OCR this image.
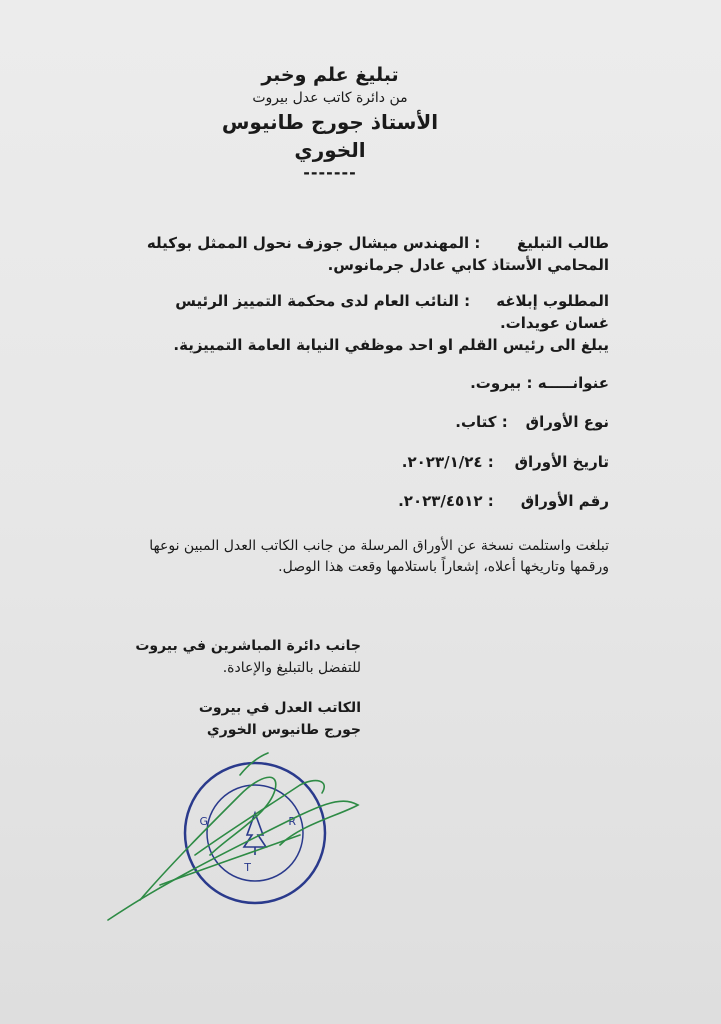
تبليغ علم وخبر
من دائرة كاتب عدل بيروت
الأستاذ جورج طانيوس الخوري
-------
طالب التبليغ       : المهندس ميشال جوزف نحول الممثل بوكيله المحامي الأستاذ كابي عادل جرمانوس.
المطلوب إبلاغه     : النائب العام لدى محكمة التمييز الرئيس غسان عويدات.
يبلغ الى رئيس القلم او احد موظفي النيابة العامة التمييزية.
عنوانـــــه : بيروت.
نوع الأوراق : كتاب.
تاريخ الأوراق : ٢٠٢٣/١/٢٤.
رقم الأوراق : ٢٠٢٣/٤٥١٢.
تبلغت واستلمت نسخة عن الأوراق المرسلة من جانب الكاتب العدل المبين نوعها ورقمها وتاريخها أعلاه، إشعاراً باستلامها وقعت هذا الوصل.
جانب دائرة المباشرين في بيروت
للتفضل بالتبليغ والإعادة.
الكاتب العدل في بيروت
جورج طانيوس الخوري
G	R
T
